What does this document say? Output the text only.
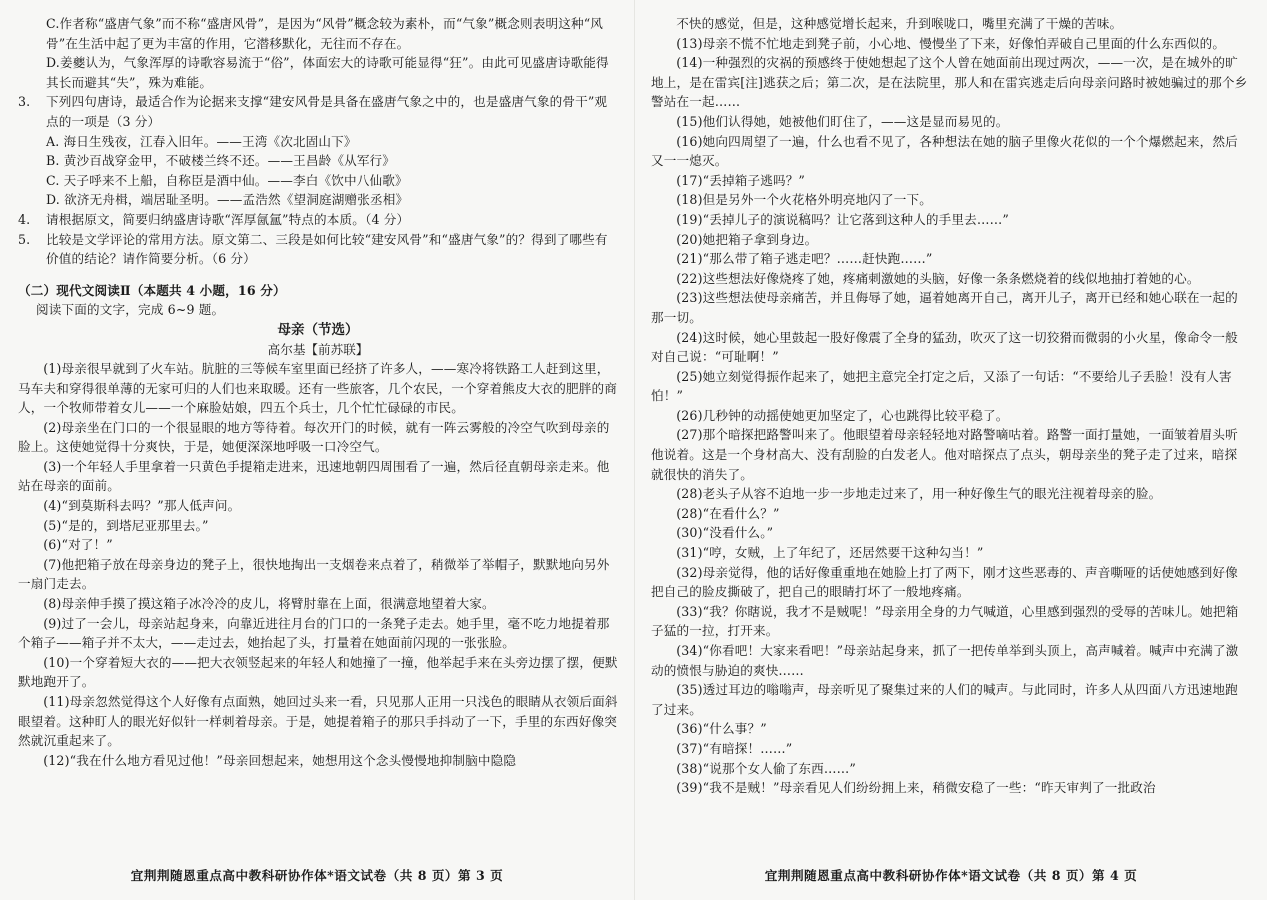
C.作者称“盛唐气象”而不称“盛唐风骨”，是因为“风骨”概念较为素朴，而“气象”概念则表明这种“风骨”在生活中起了更为丰富的作用，它潜移默化，无往而不存在。

D.姜夔认为，气象浑厚的诗歌容易流于“俗”，体面宏大的诗歌可能显得“狂”。由此可见盛唐诗歌能得其长而避其“失”，殊为难能。

3. 下列四句唐诗，最适合作为论据来支撑“建安风骨是具备在盛唐气象之中的，也是盛唐气象的骨干”观点的一项是（3 分）

A. 海日生残夜，江春入旧年。——王湾《次北固山下》

B. 黄沙百战穿金甲，不破楼兰终不还。——王昌龄《从军行》

C. 天子呼来不上船，自称臣是酒中仙。——李白《饮中八仙歌》

D. 欲济无舟楫，端居耻圣明。——孟浩然《望洞庭湖赠张丞相》

4. 请根据原文，简要归纳盛唐诗歌“浑厚氤氲”特点的本质。（4 分）

5. 比较是文学评论的常用方法。原文第二、三段是如何比较“建安风骨”和“盛唐气象”的？得到了哪些有价值的结论？请作简要分析。（6 分）

（二）现代文阅读Ⅱ（本题共 4 小题，16 分）

阅读下面的文字，完成 6~9 题。

母亲（节选）

高尔基【前苏联】

(1)母亲很早就到了火车站。肮脏的三等候车室里面已经挤了许多人，——寒冷将铁路工人赶到这里，马车夫和穿得很单薄的无家可归的人们也来取暖。还有一些旅客，几个农民，一个穿着熊皮大衣的肥胖的商人，一个牧师带着女儿——一个麻脸姑娘，四五个兵士，几个忙忙碌碌的市民。

(2)母亲坐在门口的一个很显眼的地方等待着。每次开门的时候，就有一阵云雾般的冷空气吹到母亲的脸上。这使她觉得十分爽快，于是，她便深深地呼吸一口冷空气。

(3)一个年轻人手里拿着一只黄色手提箱走进来，迅速地朝四周围看了一遍，然后径直朝母亲走来。他站在母亲的面前。

(4)“到莫斯科去吗？”那人低声问。

(5)“是的，到塔尼亚那里去。”

(6)“对了！”

(7)他把箱子放在母亲身边的凳子上，很快地掏出一支烟卷来点着了，稍微举了举帽子，默默地向另外一扇门走去。

(8)母亲伸手摸了摸这箱子冰冷冷的皮儿，将臂肘靠在上面，很满意地望着大家。

(9)过了一会儿，母亲站起身来，向靠近进往月台的门口的一条凳子走去。她手里，毫不吃力地提着那个箱子——箱子并不太大，——走过去，她抬起了头，打量着在她面前闪现的一张张脸。

(10)一个穿着短大衣的——把大衣领竖起来的年轻人和她撞了一撞，他举起手来在头旁边摆了摆，便默默地跑开了。

(11)母亲忽然觉得这个人好像有点面熟，她回过头来一看，只见那人正用一只浅色的眼睛从衣领后面斜眼望着。这种盯人的眼光好似针一样刺着母亲。于是，她提着箱子的那只手抖动了一下，手里的东西好像突然就沉重起来了。

(12)“我在什么地方看见过他！”母亲回想起来，她想用这个念头慢慢地抑制脑中隐隐

宜荆荆随恩重点高中教科研协作体*语文试卷（共 8 页）第 3 页

不快的感觉，但是，这种感觉增长起来，升到喉咙口，嘴里充满了干燥的苦味。

(13)母亲不慌不忙地走到凳子前，小心地、慢慢坐了下来，好像怕弄破自己里面的什么东西似的。

(14)一种强烈的灾祸的预感终于使她想起了这个人曾在她面前出现过两次，——一次，是在城外的旷地上，是在雷宾[注]逃获之后；第二次，是在法院里，那人和在雷宾逃走后向母亲问路时被她骗过的那个乡警站在一起……

(15)他们认得她，她被他们盯住了，——这是显而易见的。

(16)她向四周望了一遍，什么也看不见了，各种想法在她的脑子里像火花似的一个个爆燃起来，然后又一一熄灭。

(17)“丢掉箱子逃吗？”

(18)但是另外一个火花格外明亮地闪了一下。

(19)“丢掉儿子的演说稿吗？让它落到这种人的手里去……”

(20)她把箱子拿到身边。

(21)“那么带了箱子逃走吧？……赶快跑……”

(22)这些想法好像烧疼了她，疼痛刺激她的头脑，好像一条条燃烧着的线似地抽打着她的心。

(23)这些想法使母亲痛苦，并且侮辱了她，逼着她离开自己，离开儿子，离开已经和她心联在一起的那一切。

(24)这时候，她心里鼓起一股好像震了全身的猛劲，吹灭了这一切狡猾而微弱的小火星，像命令一般对自己说：“可耻啊！”

(25)她立刻觉得振作起来了，她把主意完全打定之后，又添了一句话：“不要给儿子丢脸！没有人害怕！”

(26)几秒钟的动摇使她更加坚定了，心也跳得比较平稳了。

(27)那个暗探把路警叫来了。他眼望着母亲轻轻地对路警嘀咕着。路警一面打量她，一面皱着眉头听他说着。这是一个身材高大、没有刮脸的白发老人。他对暗探点了点头，朝母亲坐的凳子走了过来，暗探就很快的消失了。

(28)老头子从容不迫地一步一步地走过来了，用一种好像生气的眼光注视着母亲的脸。

(28)“在看什么？”

(30)“没看什么。”

(31)“哼，女贼，上了年纪了，还居然要干这种勾当！”

(32)母亲觉得，他的话好像重重地在她脸上打了两下，刚才这些恶毒的、声音嘶哑的话使她感到好像把自己的脸皮撕破了，把自己的眼睛打坏了一般地疼痛。

(33)“我？你瞎说，我才不是贼呢！”母亲用全身的力气喊道，心里感到强烈的受辱的苦味儿。她把箱子猛的一拉，打开来。

(34)“你看吧！大家来看吧！”母亲站起身来，抓了一把传单举到头顶上，高声喊着。喊声中充满了激动的愤恨与胁迫的爽快……

(35)透过耳边的嗡嗡声，母亲听见了聚集过来的人们的喊声。与此同时，许多人从四面八方迅速地跑了过来。

(36)“什么事？”

(37)“有暗探！……”

(38)“说那个女人偷了东西……”

(39)“我不是贼！”母亲看见人们纷纷拥上来，稍微安稳了一些：“昨天审判了一批政治

宜荆荆随恩重点高中教科研协作体*语文试卷（共 8 页）第 4 页
